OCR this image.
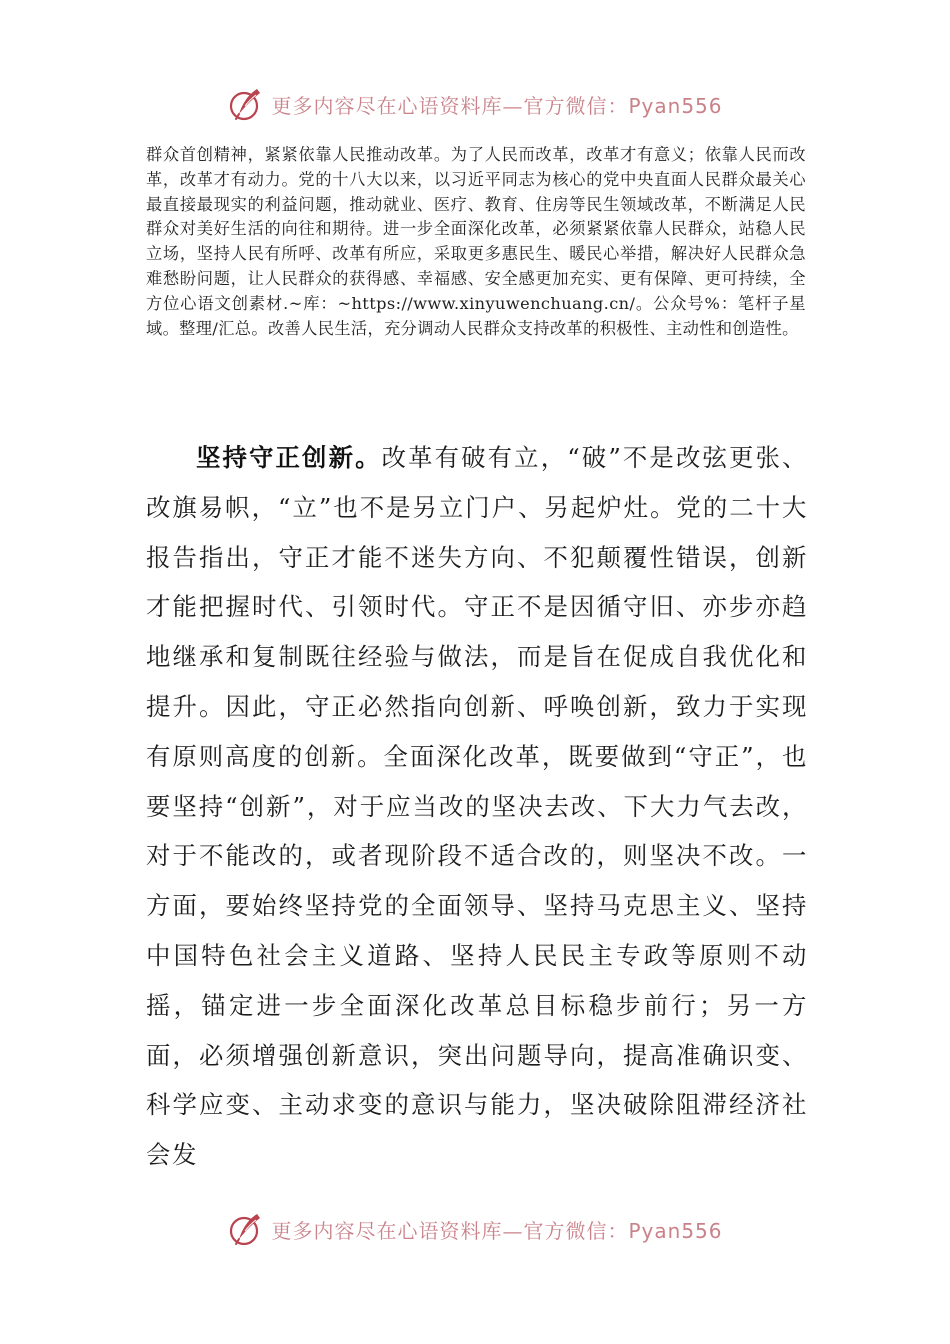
更多内容尽在心语资料库—官方微信：Pyan556

群众首创精神，紧紧依靠人民推动改革。为了人民而改革，改革才有意义；依靠人民而改革，改革才有动力。党的十八大以来，以习近平同志为核心的党中央直面人民群众最关心最直接最现实的利益问题，推动就业、医疗、教育、住房等民生领域改革，不断满足人民群众对美好生活的向往和期待。进一步全面深化改革，必须紧紧依靠人民群众，站稳人民立场，坚持人民有所呼、改革有所应，采取更多惠民生、暖民心举措，解决好人民群众急难愁盼问题，让人民群众的获得感、幸福感、安全感更加充实、更有保障、更可持续，全方位心语文创素材.~库：~https://www.xinyuwenchuang.cn/。公众号%：笔杆子星域。整理/汇总。改善人民生活，充分调动人民群众支持改革的积极性、主动性和创造性。

坚持守正创新。改革有破有立，“破”不是改弦更张、改旗易帜，“立”也不是另立门户、另起炉灶。党的二十大报告指出，守正才能不迷失方向、不犯颠覆性错误，创新才能把握时代、引领时代。守正不是因循守旧、亦步亦趋地继承和复制既往经验与做法，而是旨在促成自我优化和提升。因此，守正必然指向创新、呼唤创新，致力于实现有原则高度的创新。全面深化改革，既要做到“守正”，也要坚持“创新”，对于应当改的坚决去改、下大力气去改，对于不能改的，或者现阶段不适合改的，则坚决不改。一方面，要始终坚持党的全面领导、坚持马克思主义、坚持中国特色社会主义道路、坚持人民民主专政等原则不动摇，锚定进一步全面深化改革总目标稳步前行；另一方面，必须增强创新意识，突出问题导向，提高准确识变、科学应变、主动求变的意识与能力，坚决破除阻滞经济社会发

更多内容尽在心语资料库—官方微信：Pyan556
